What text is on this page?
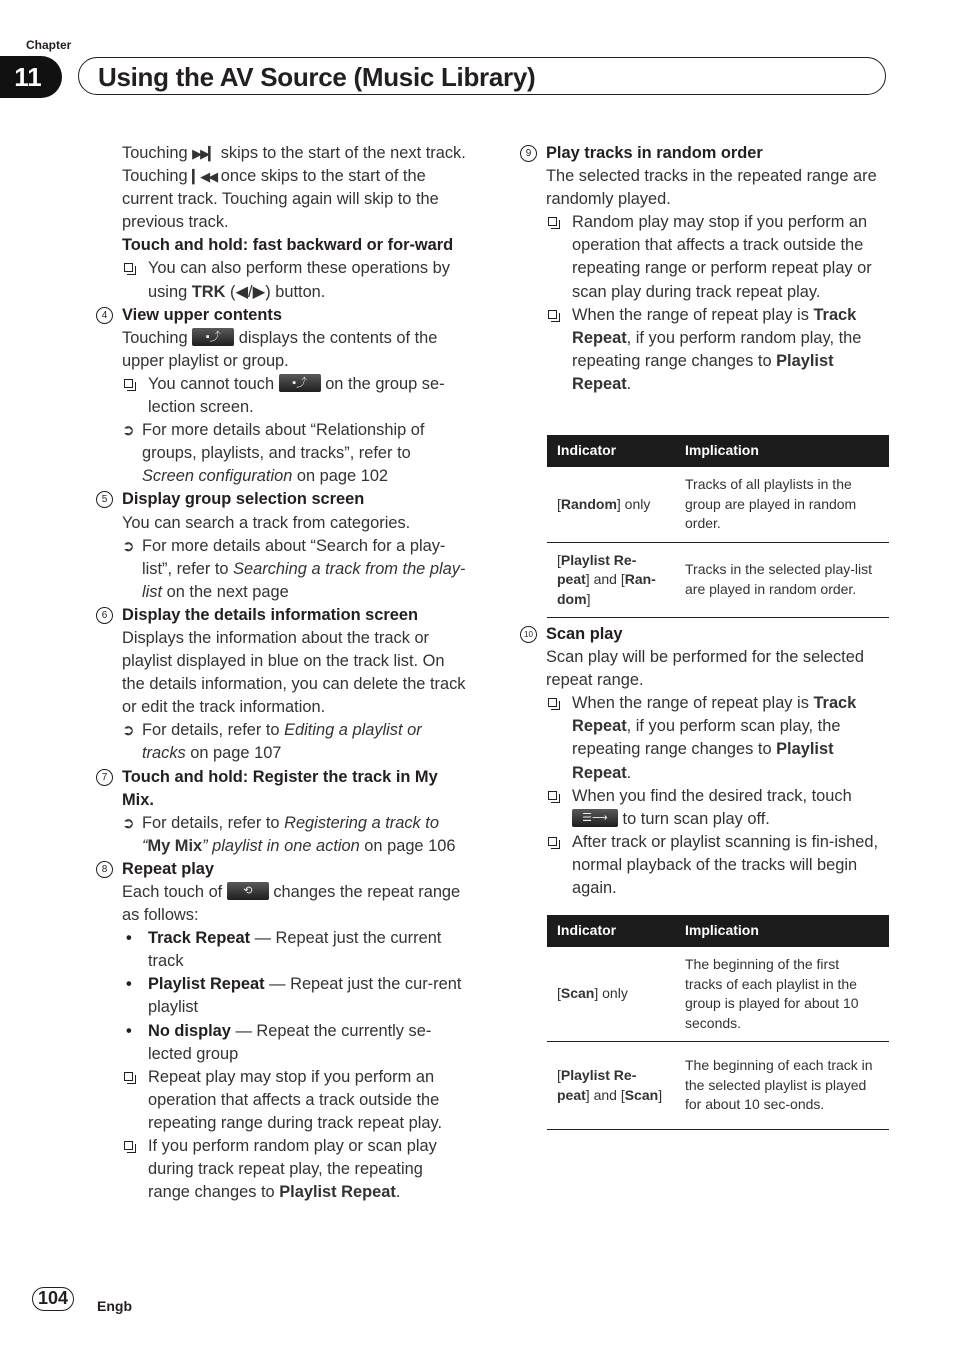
Chapter
11	Using the AV Source (Music Library)

Touching ▶▶▎ skips to the start of the next track. Touching ▎◀◀ once skips to the start of the current track. Touching again will skip to the previous track.

Touch and hold: fast backward or for-ward

You can also perform these operations by using TRK (◀/▶) button.
4 View upper contents

Touching	▪⤴ displays the contents of the upper playlist or group.

You cannot touch	▪⤴ on the group se-lection screen.
➲ For more details about “Relationship of groups, playlists, and tracks”, refer to Screen configuration on page 102
5 Display group selection screen

You can search a track from categories.

➲ For more details about “Search for a play-list”, refer to Searching a track from the play-list on the next page
6 Display the details information screen

Displays the information about the track or playlist displayed in blue on the track list. On the details information, you can delete the track or edit the track information.

➲ For details, refer to Editing a playlist or tracks on page 107
7 Touch and hold: Register the track in My Mix.
➲ For details, refer to Registering a track to “My Mix” playlist in one action on page 106
8 Repeat play

Each touch of	⟲ changes the repeat range as follows:

• Track Repeat — Repeat just the current track
• Playlist Repeat — Repeat just the cur-rent playlist
• No display — Repeat the currently se-lected group
Repeat play may stop if you perform an operation that affects a track outside the repeating range during track repeat play.
If you perform random play or scan play during track repeat play, the repeating range changes to Playlist Repeat.
9 Play tracks in random order

The selected tracks in the repeated range are randomly played.

Random play may stop if you perform an operation that affects a track outside the repeating range or perform repeat play or scan play during track repeat play.
When the range of repeat play is Track Repeat, if you perform random play, the repeating range changes to Playlist Repeat.
Indicator	Implication
[Random] only	Tracks of all playlists in the group are played in random order.
[Playlist Re-peat] and [Ran-dom]	Tracks in the selected play-list are played in random order.
10 Scan play

Scan play will be performed for the selected repeat range.

When the range of repeat play is Track Repeat, if you perform scan play, the repeating range changes to Playlist Repeat.
When you find the desired track, touch
☰⟶ to turn scan play off.
After track or playlist scanning is fin-ished, normal playback of the tracks will begin again.
Indicator	Implication
[Scan] only	The beginning of the first tracks of each playlist in the group is played for about 10 seconds.
[Playlist Re-peat] and [Scan]	The beginning of each track in the selected playlist is played for about 10 sec-onds.
104	Engb
